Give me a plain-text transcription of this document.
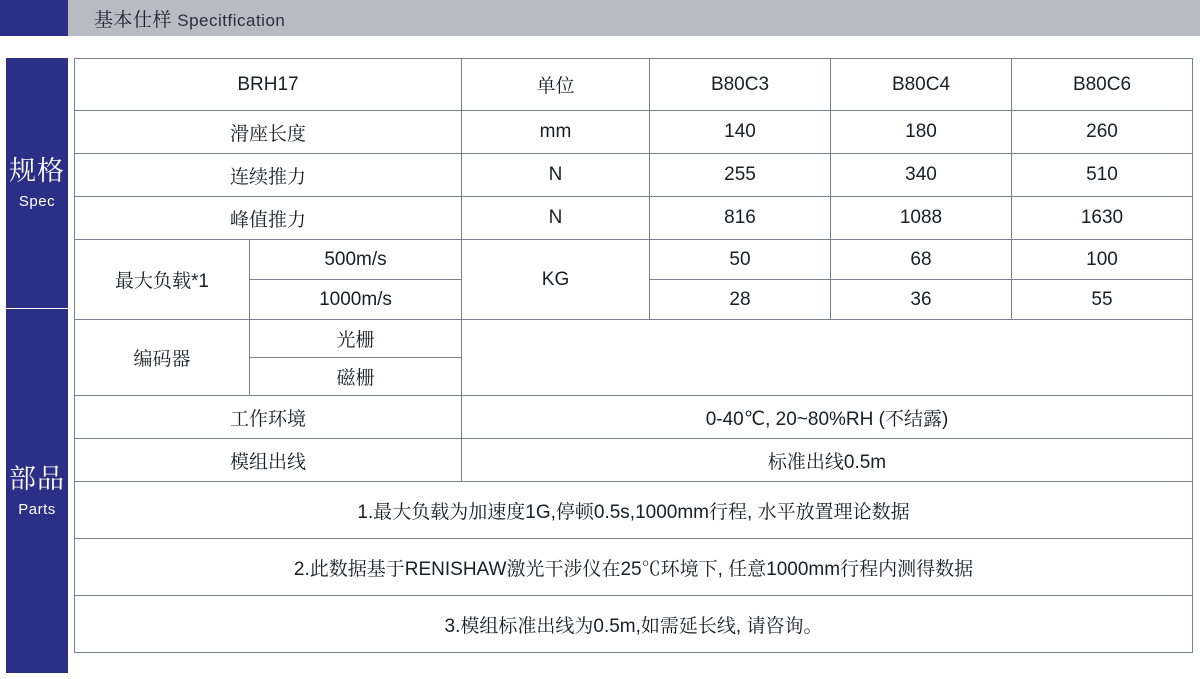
基本仕样 Specitfication
规格
Spec
部品
Parts
BRH17		单位	B80C3	B80C4	B80C6
滑座长度		mm	140	180	260
连续推力		N	255	340	510
峰值推力		N	816	1088	1630
最大负载*1	500m/s	KG	50	68	100
	1000m/s		28	36	55
编码器	光栅				
	磁栅				
工作环境		0-40℃, 20~80%RH (不结露)			
模组出线		标准出线0.5m			
1.最大负载为加速度1G,停顿0.5s,1000mm行程, 水平放置理论数据					
2.此数据基于RENISHAW激光干涉仪在25℃环境下, 任意1000mm行程内测得数据					
3.模组标准出线为0.5m,如需延长线, 请咨询。					
